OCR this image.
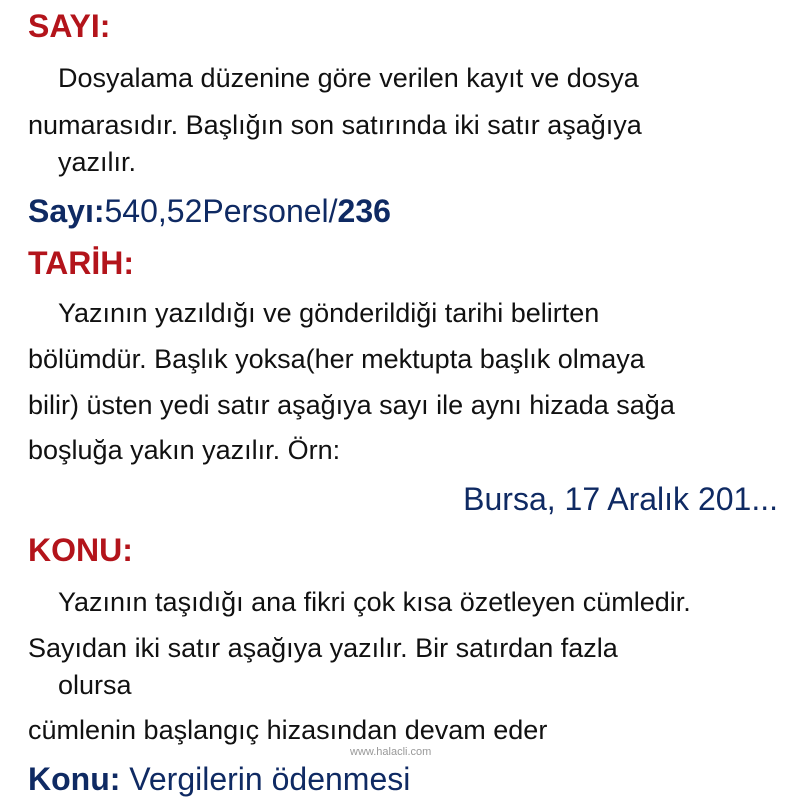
SAYI:
Dosyalama düzenine göre verilen kayıt ve dosya
numarasıdır. Başlığın son satırında iki satır aşağıya
yazılır.
Sayı:540,52Personel/236
TARİH:
Yazının yazıldığı ve gönderildiği tarihi belirten
bölümdür. Başlık yoksa(her mektupta başlık olmaya
bilir) üsten yedi satır aşağıya sayı ile aynı hizada sağa
boşluğa yakın yazılır. Örn:
Bursa, 17 Aralık 201...
KONU:
Yazının taşıdığı ana fikri çok kısa özetleyen cümledir.
Sayıdan iki satır aşağıya yazılır. Bir satırdan fazla
olursa
cümlenin başlangıç hizasından devam eder
www.halacli.com
Konu: Vergilerin ödenmesi
